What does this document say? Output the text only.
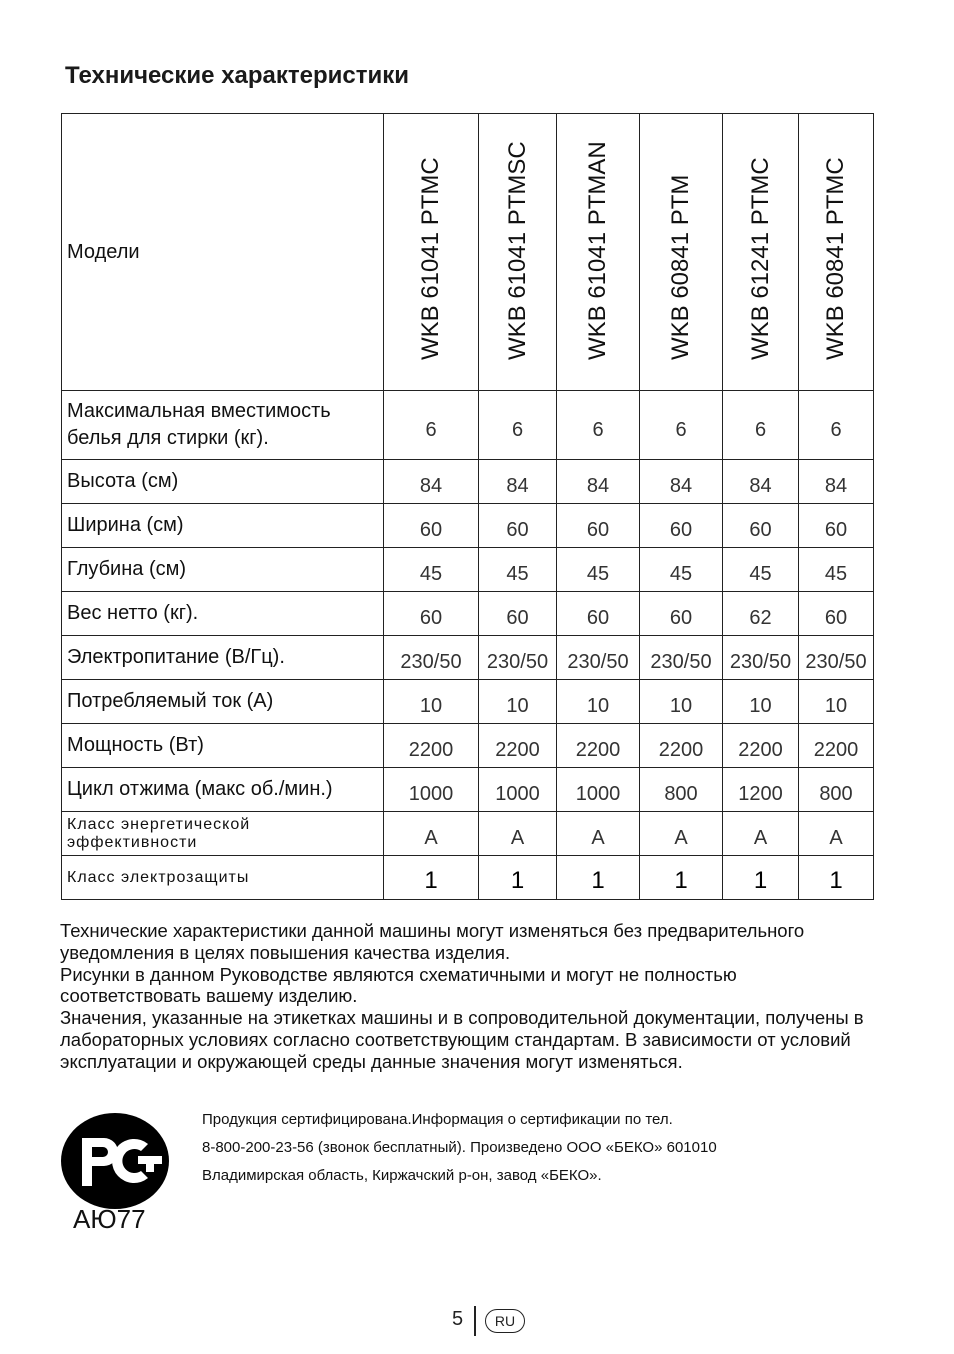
Технические характеристики
Модели	WKB 61041 PTMC	WKB 61041 PTMSC	WKB 61041 PTMAN	WKB 60841 PTM	WKB 61241 PTMC	WKB 60841 PTMC

Максимальная вместимость белья для стирки (кг).	6	6	6	6	6	6
Высота (см)	84	84	84	84	84	84
Ширина (см)	60	60	60	60	60	60
Глубина (см)	45	45	45	45	45	45
Вес нетто (кг).	60	60	60	60	62	60
Электропитание (В/Гц).	230/50	230/50	230/50	230/50	230/50	230/50
Потребляемый ток (А)	10	10	10	10	10	10
Мощность (Вт)	2200	2200	2200	2200	2200	2200
Цикл отжима (макс об./мин.)	1000	1000	1000	800	1200	800
Класс энергетической эффективности	A	A	A	A	A	A
Класс электрозащиты	1	1	1	1	1	1

Технические характеристики данной машины могут изменяться без предварительного уведомления в целях повышения качества изделия.

Рисунки в данном Руководстве являются схематичными и могут не полностью соответствовать вашему изделию.

Значения, указанные на этикетках машины и в сопроводительной документации, получены в лабораторных условиях согласно соответствующим стандартам. В зависимости от условий эксплуатации и окружающей среды данные значения могут изменяться.

АЮ77

Продукция сертифицирована.Информация о сертификации по тел.

8-800-200-23-56 (звонок бесплатный). Произведено ООО «БЕКО» 601010

Владимирская область, Киржачский р-он, завод «БЕКО».

5	RU
